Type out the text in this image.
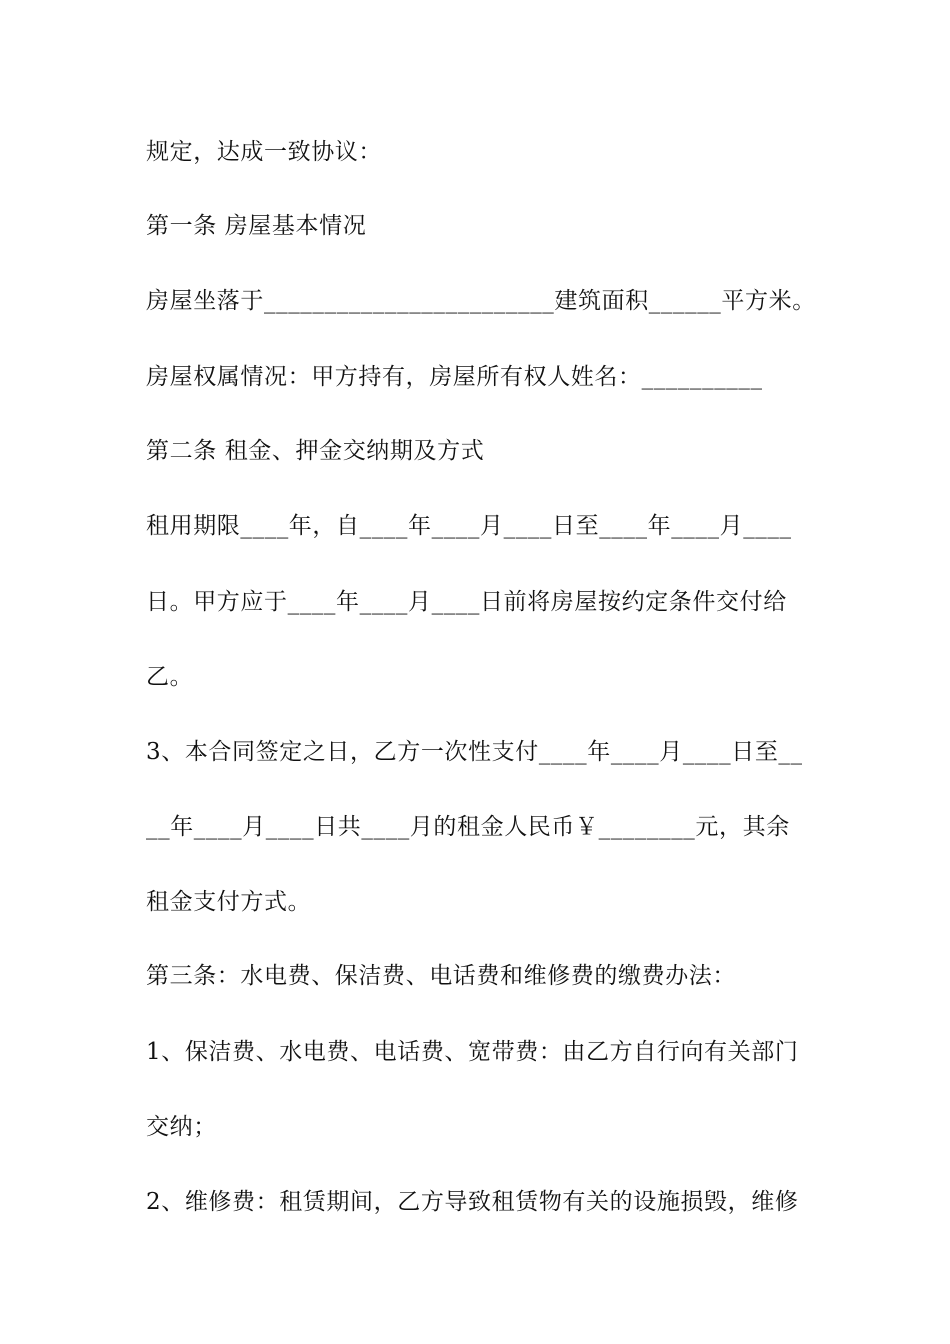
规定，达成一致协议：
第一条 房屋基本情况
房屋坐落于________________________建筑面积______平方米。
房屋权属情况：甲方持有，房屋所有权人姓名：__________
第二条 租金、押金交纳期及方式
租用期限____年，自____年____月____日至____年____月____
日。甲方应于____年____月____日前将房屋按约定条件交付给
乙。
3、本合同签定之日，乙方一次性支付____年____月____日至__
__年____月____日共____月的租金人民币￥________元，其余
租金支付方式。
第三条：水电费、保洁费、电话费和维修费的缴费办法：
1、保洁费、水电费、电话费、宽带费：由乙方自行向有关部门
交纳；
2、维修费：租赁期间，乙方导致租赁物有关的设施损毁，维修
